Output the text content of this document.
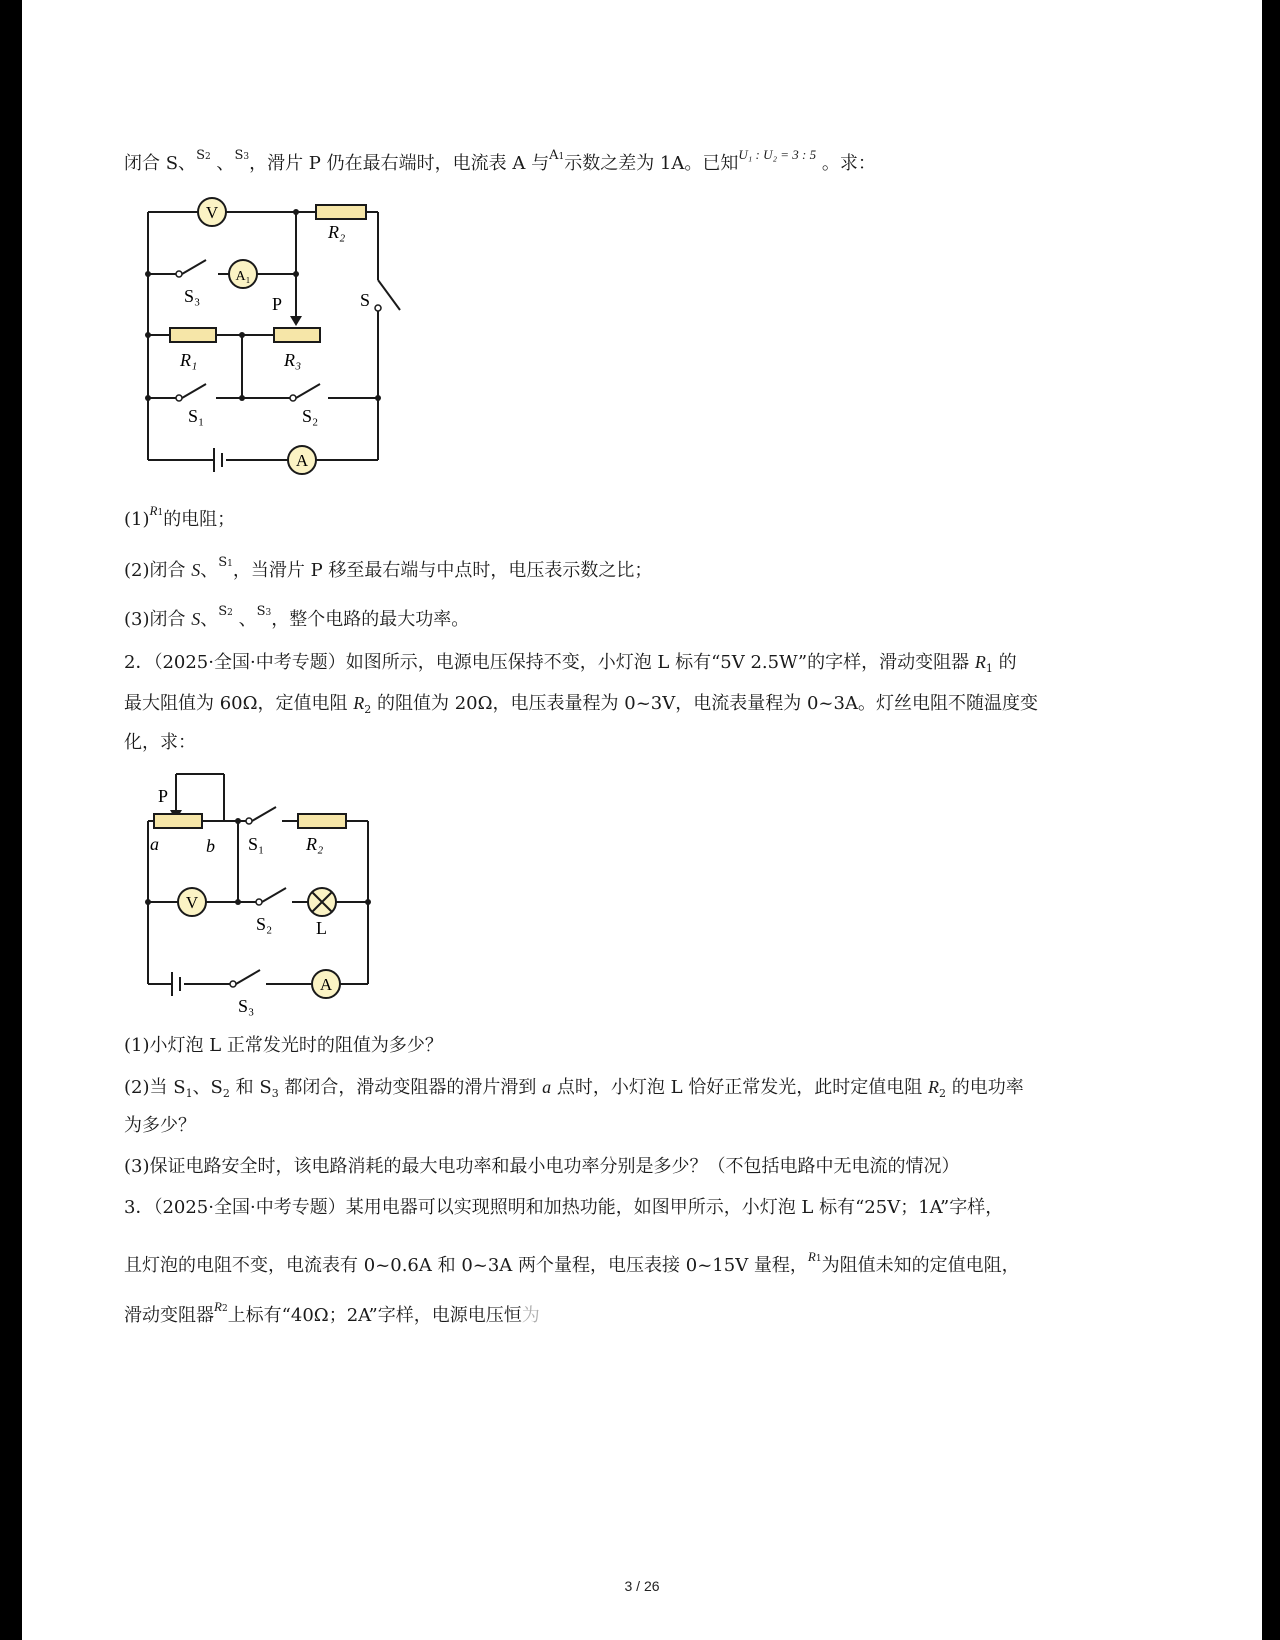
闭合 S、$^{S2}$ 、$^{S3}$，滑片 P 仍在最右端时，电流表 A 与$^{A1}$示数之差为 1A。已知$^{U_1 : U_2 = 3 : 5}$ 。求：
V
A₁
A
R₂
R₁	R₃
S
S₃	P
S₁	S₂
$(1)^{R1}$的电阻；
(2)闭合 S、$^{S1}$，当滑片 P 移至最右端与中点时，电压表示数之比；
(3)闭合 S、$^{S2}$ 、$^{S3}$，整个电路的最大功率。
2．（2025·全国·中考专题）如图所示，电源电压保持不变，小灯泡 L 标有“5V 2.5W”的字样，滑动变阻器 $R_1$ 的
最大阻值为 60Ω，定值电阻 $R_2$ 的阻值为 20Ω，电压表量程为 0~3V，电流表量程为 0~3A。灯丝电阻不随温度变
化，求：
V
A
P
a	b S₁ R₂
S₂ L
S₃
(1)小灯泡 L 正常发光时的阻值为多少？
(2)当 $S_1$、$S_2$ 和 $S_3$ 都闭合，滑动变阻器的滑片滑到 a 点时，小灯泡 L 恰好正常发光，此时定值电阻 $R_2$ 的电功率
为多少？
(3)保证电路安全时，该电路消耗的最大电功率和最小电功率分别是多少？（不包括电路中无电流的情况）
3．（2025·全国·中考专题）某用电器可以实现照明和加热功能，如图甲所示，小灯泡 L 标有“25V；1A”字样，
且灯泡的电阻不变，电流表有 0~0.6A 和 0~3A 两个量程，电压表接 0~15V 量程，$^{R1}$为阻值未知的定值电阻，
滑动变阻器$^{R2}$上标有“40Ω；2A”字样，电源电压恒为
3 / 26
